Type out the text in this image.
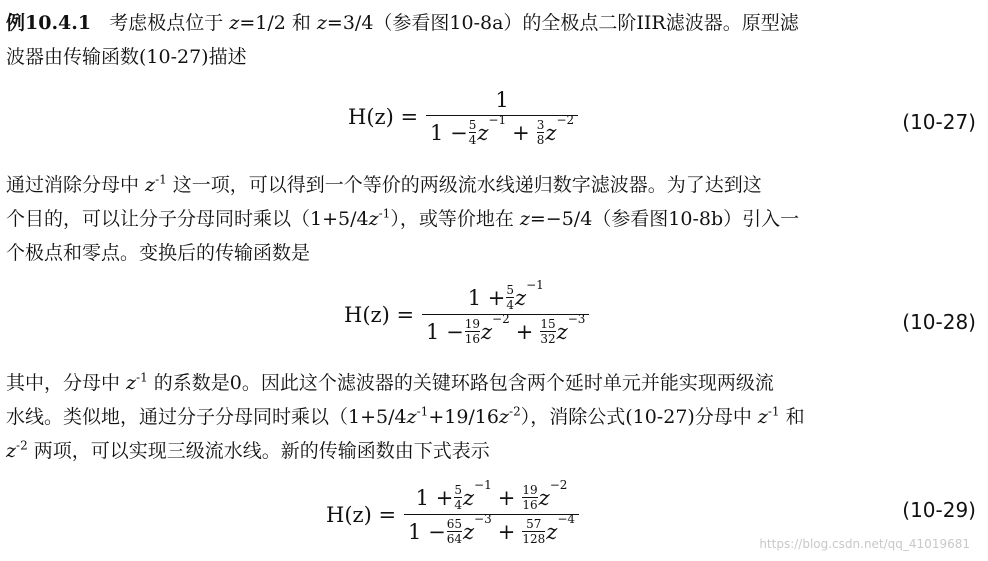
例10.4.1 考虑极点位于 z=1/2 和 z=3/4（参看图10-8a）的全极点二阶IIR滤波器。原型滤
波器由传输函数(10-27)描述
H(z) =
1
1 − 5
4 $z^{-1}$
+ 3
8 $z^{-2}$	(10-27)
通过消除分母中 $z^{-1}$ 这一项，可以得到一个等价的两级流水线递归数字滤波器。为了达到这
个目的，可以让分子分母同时乘以$(1+5/4z^{-1})$，或等价地在 z=−5/4（参看图10-8b）引入一
个极点和零点。变换后的传输函数是
H(z) =
1 + 5
4 $z^{-1}$
1 − 19
16 $z^{-2}$
+ 15
32 $z^{-3}$	(10-28)
其中，分母中 $z^{-1}$ 的系数是0。因此这个滤波器的关键环路包含两个延时单元并能实现两级流
水线。类似地，通过分子分母同时乘以$(1+5/4z^{-1}+19/16z^{-2})$，消除公式(10-27)分母中 $z^{-1}$ 和
$z^{-2}$ 两项，可以实现三级流水线。新的传输函数由下式表示
H(z) =
1 + 5
4 $z^{-1}$
+ 19
16 $z^{-2}$
1 − 65
64 $z^{-3}$
+ 57
128 $z^{-4}$	(10-29)
https://blog.csdn.net/qq_41019681
